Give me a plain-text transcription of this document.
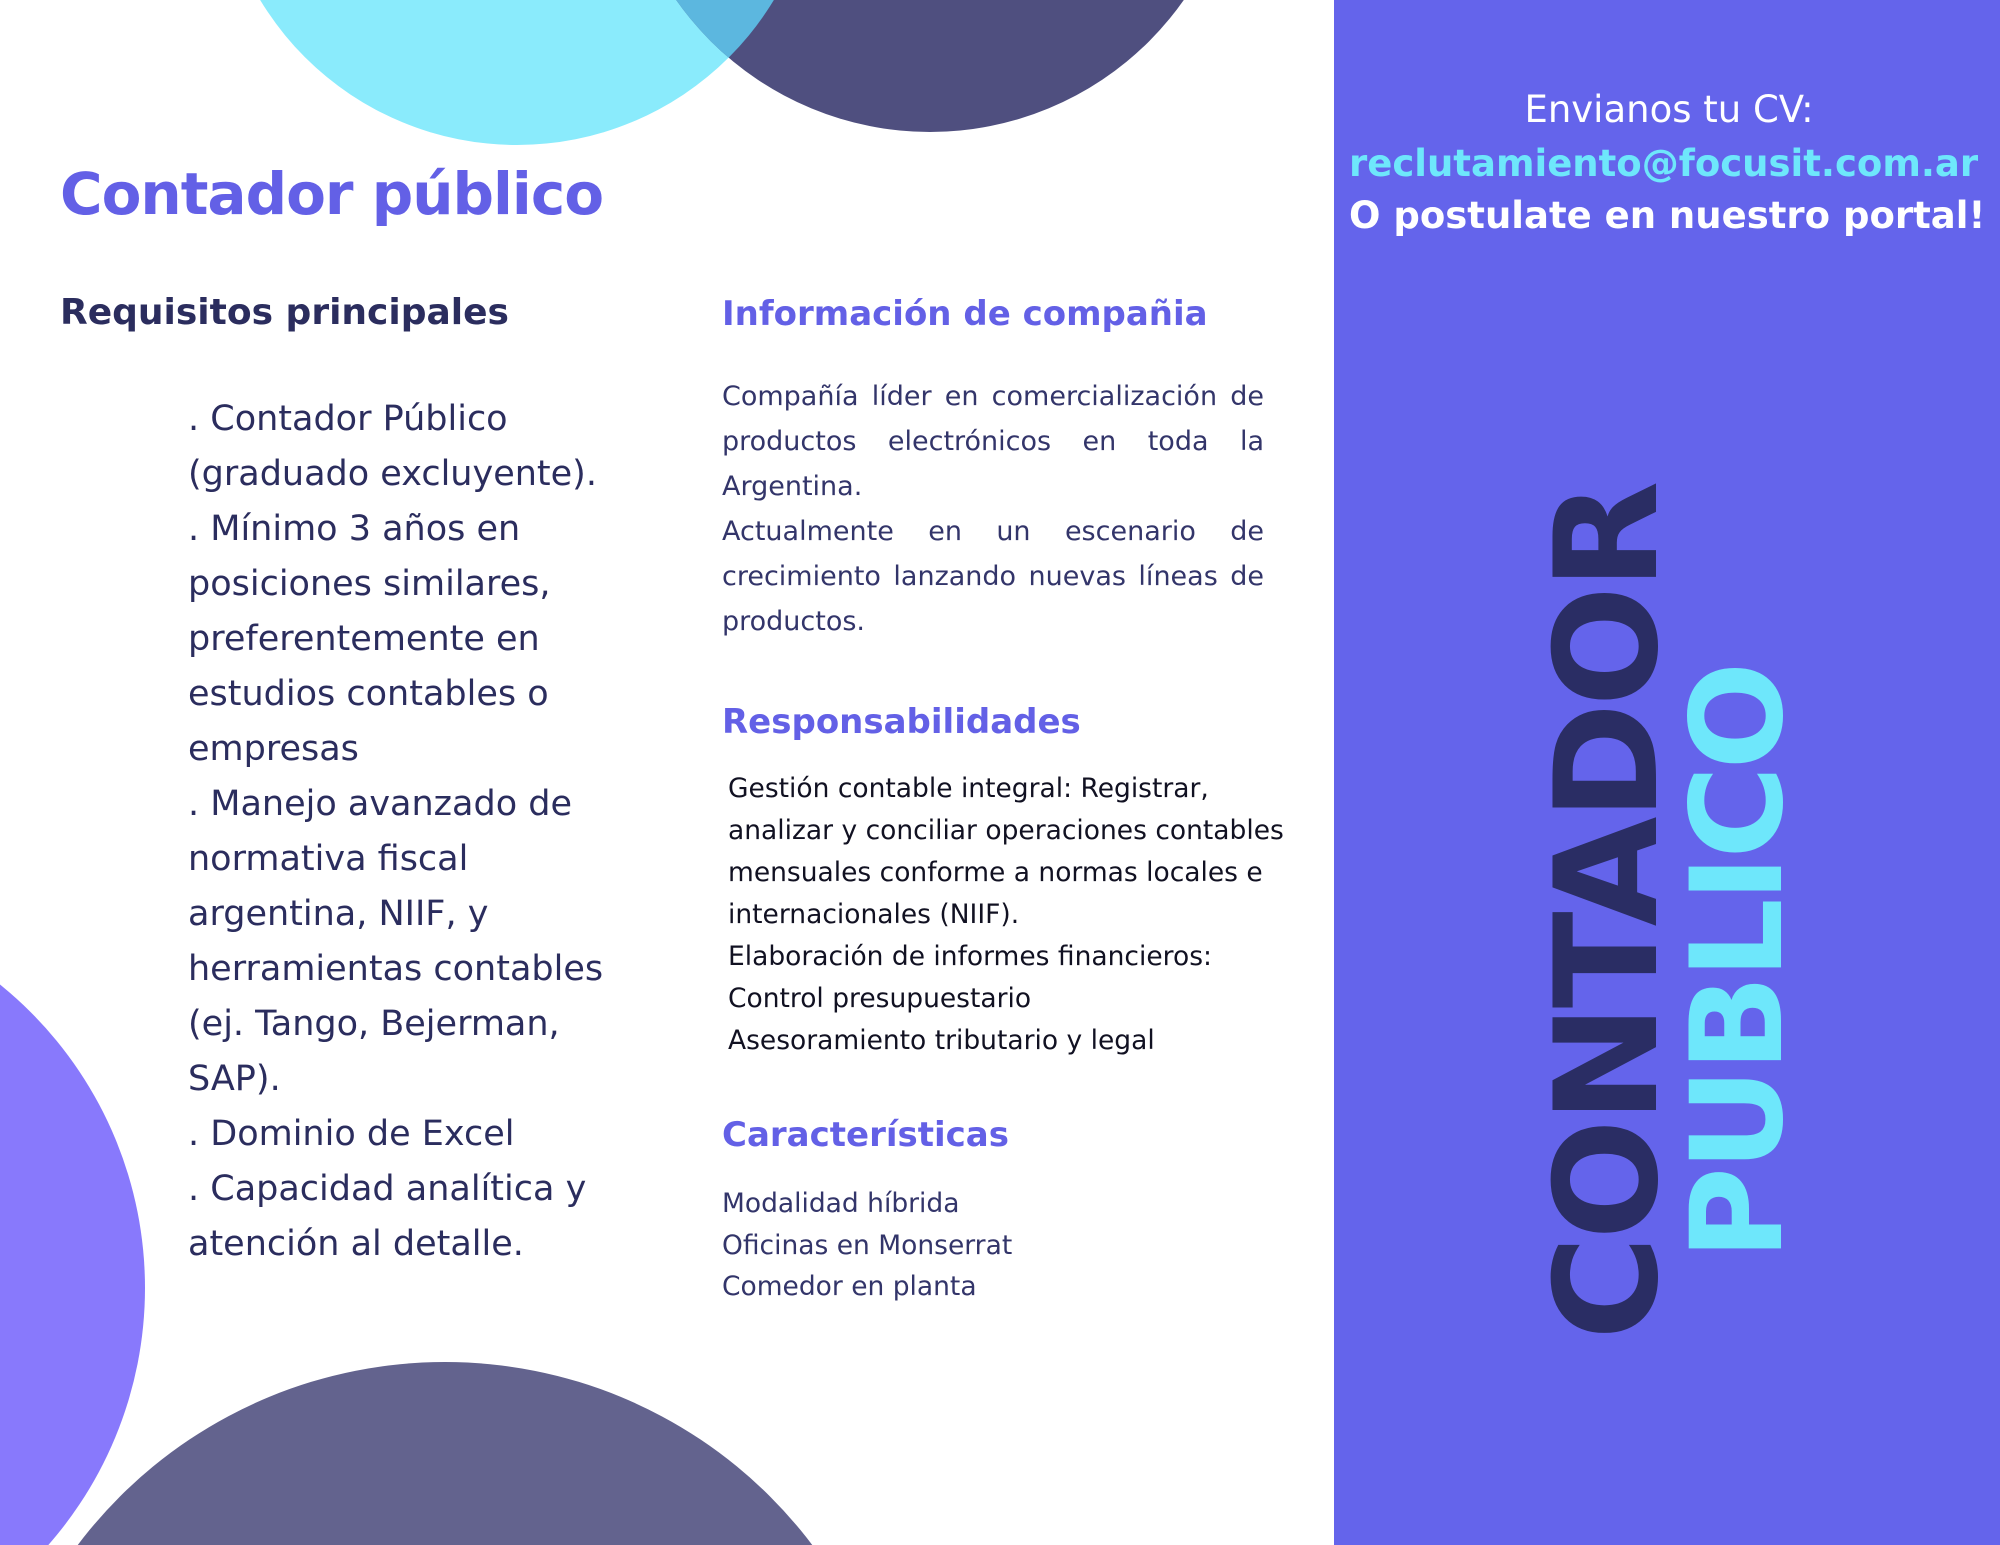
Envianos tu CV:
reclutamiento@focusit.com.ar
O postulate en nuestro portal!
CONTADOR
PUBLICO
Contador público
Requisitos principales

. Contador Público (graduado excluyente).

. Mínimo 3 años en posiciones similares, preferentemente en estudios contables o empresas

. Manejo avanzado de normativa fiscal argentina, NIIF, y herramientas contables (ej. Tango, Bejerman, SAP).

. Dominio de Excel

. Capacidad analítica y atención al detalle.

Información de compañia

Compañía líder en comercialización de productos electrónicos en toda la Argentina.

Actualmente en un escenario de crecimiento lanzando nuevas líneas de productos.

Responsabilidades

Gestión contable integral: Registrar, analizar y conciliar operaciones contables mensuales conforme a normas locales e internacionales (NIIF).

Elaboración de informes financieros:

Control presupuestario

Asesoramiento tributario y legal

Características

Modalidad híbrida

Oficinas en Monserrat

Comedor en planta
